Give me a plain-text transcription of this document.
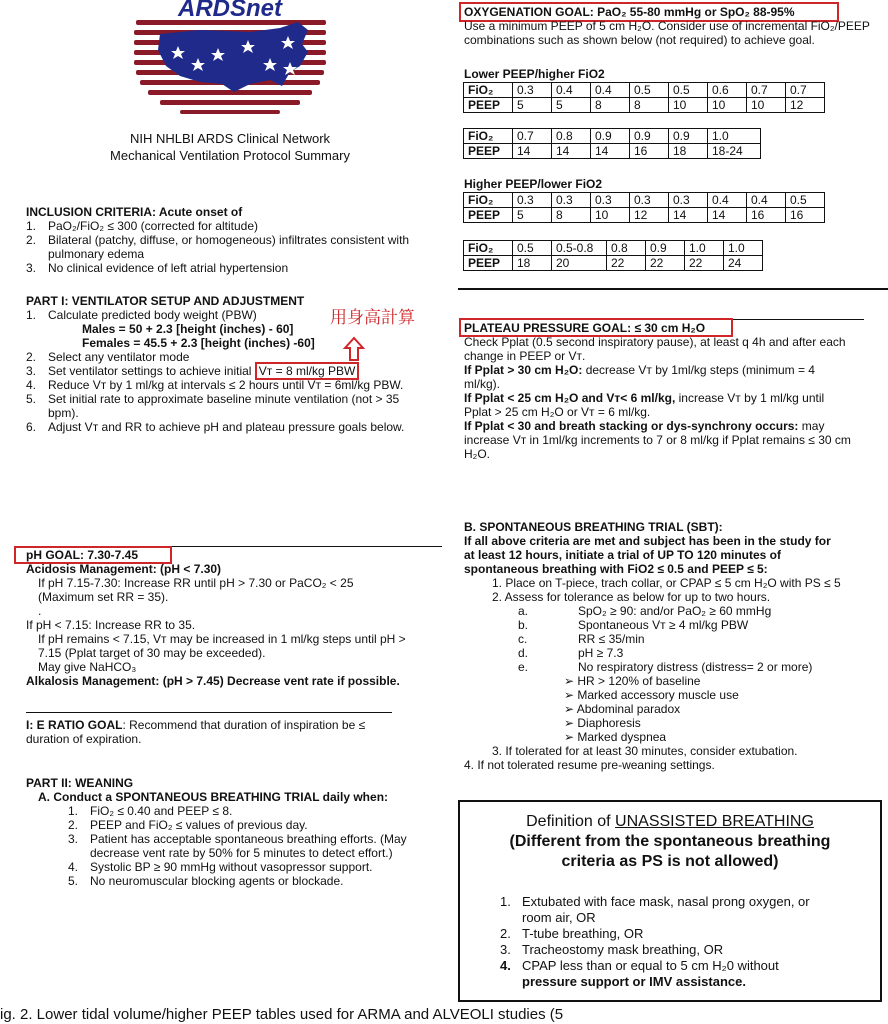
ARDSnet
NIH NHLBI ARDS Clinical Network
Mechanical Ventilation Protocol Summary
INCLUSION CRITERIA: Acute onset of
1. PaO₂/FiO₂ ≤ 300 (corrected for altitude)
2. Bilateral (patchy, diffuse, or homogeneous) infiltrates consistent with
pulmonary edema
3. No clinical evidence of left atrial hypertension
PART I: VENTILATOR SETUP AND ADJUSTMENT
1. Calculate predicted body weight (PBW)
Males = 50 + 2.3 [height (inches) - 60]
Females = 45.5 + 2.3 [height (inches) -60]
2. Select any ventilator mode
3. Set ventilator settings to achieve initial Vᴛ = 8 ml/kg PBW
4. Reduce Vᴛ by 1 ml/kg at intervals ≤ 2 hours until Vᴛ = 6ml/kg PBW.
5. Set initial rate to approximate baseline minute ventilation (not > 35
bpm).
6. Adjust Vᴛ and RR to achieve pH and plateau pressure goals below.
用身高計算
pH GOAL: 7.30-7.45
Acidosis Management: (pH < 7.30)
If pH 7.15-7.30: Increase RR until pH > 7.30 or PaCO₂ < 25
(Maximum set RR = 35).
.
If pH < 7.15: Increase RR to 35.
If pH remains < 7.15, Vᴛ may be increased in 1 ml/kg steps until pH >
7.15 (Pplat target of 30 may be exceeded).
May give NaHCO₃
Alkalosis Management: (pH > 7.45) Decrease vent rate if possible.
I: E RATIO GOAL: Recommend that duration of inspiration be ≤
duration of expiration.
PART II: WEANING
A. Conduct a SPONTANEOUS BREATHING TRIAL daily when:
1. FiO₂ ≤ 0.40 and PEEP ≤ 8.
2. PEEP and FiO₂ ≤ values of previous day.
3. Patient has acceptable spontaneous breathing efforts. (May
decrease vent rate by 50% for 5 minutes to detect effort.)
4. Systolic BP ≥ 90 mmHg without vasopressor support.
5. No neuromuscular blocking agents or blockade.
OXYGENATION GOAL: PaO₂ 55-80 mmHg or SpO₂ 88-95%
Use a minimum PEEP of 5 cm H₂O. Consider use of incremental FiO₂/PEEP
combinations such as shown below (not required) to achieve goal.
Lower PEEP/higher FiO2
FiO₂	0.3	0.4	0.4	0.5	0.5	0.6	0.7	0.7
PEEP	5	5	8	8	10	10	10	12
FiO₂	0.7	0.8	0.9	0.9	0.9	1.0
PEEP	14	14	14	16	18	18-24
Higher PEEP/lower FiO2
FiO₂	0.3	0.3	0.3	0.3	0.3	0.4	0.4	0.5
PEEP	5	8	10	12	14	14	16	16
FiO₂	0.5	0.5-0.8	0.8	0.9	1.0	1.0
PEEP	18	20	22	22	22	24
PLATEAU PRESSURE GOAL: ≤ 30 cm H₂O
Check Pplat (0.5 second inspiratory pause), at least q 4h and after each
change in PEEP or Vᴛ.
If Pplat > 30 cm H₂O: decrease Vᴛ by 1ml/kg steps (minimum = 4
ml/kg).
If Pplat < 25 cm H₂O and Vᴛ< 6 ml/kg, increase Vᴛ by 1 ml/kg until
Pplat > 25 cm H₂O or Vᴛ = 6 ml/kg.
If Pplat < 30 and breath stacking or dys-synchrony occurs: may
increase Vᴛ in 1ml/kg increments to 7 or 8 ml/kg if Pplat remains ≤ 30 cm
H₂O.
B. SPONTANEOUS BREATHING TRIAL (SBT):
If all above criteria are met and subject has been in the study for
at least 12 hours, initiate a trial of UP TO 120 minutes of
spontaneous breathing with FiO2 ≤ 0.5 and PEEP ≤ 5:
1. Place on T-piece, trach collar, or CPAP ≤ 5 cm H₂O with PS ≤ 5
2. Assess for tolerance as below for up to two hours.
a.	SpO₂ ≥ 90: and/or PaO₂ ≥ 60 mmHg
b.	Spontaneous Vᴛ ≥ 4 ml/kg PBW
c.	RR ≤ 35/min
d.	pH ≥ 7.3
e.	No respiratory distress (distress= 2 or more)
➢ HR > 120% of baseline
➢ Marked accessory muscle use
➢ Abdominal paradox
➢ Diaphoresis
➢ Marked dyspnea
3. If tolerated for at least 30 minutes, consider extubation.
4. If not tolerated resume pre-weaning settings.
Definition of UNASSISTED BREATHING
(Different from the spontaneous breathing
criteria as PS is not allowed)
1. Extubated with face mask, nasal prong oxygen, or
room air, OR
2. T-tube breathing, OR
3. Tracheostomy mask breathing, OR
4. CPAP less than or equal to 5 cm H₂0 without
pressure support or IMV assistance.
ig. 2. Lower tidal volume/higher PEEP tables used for ARMA and ALVEOLI studies (5
